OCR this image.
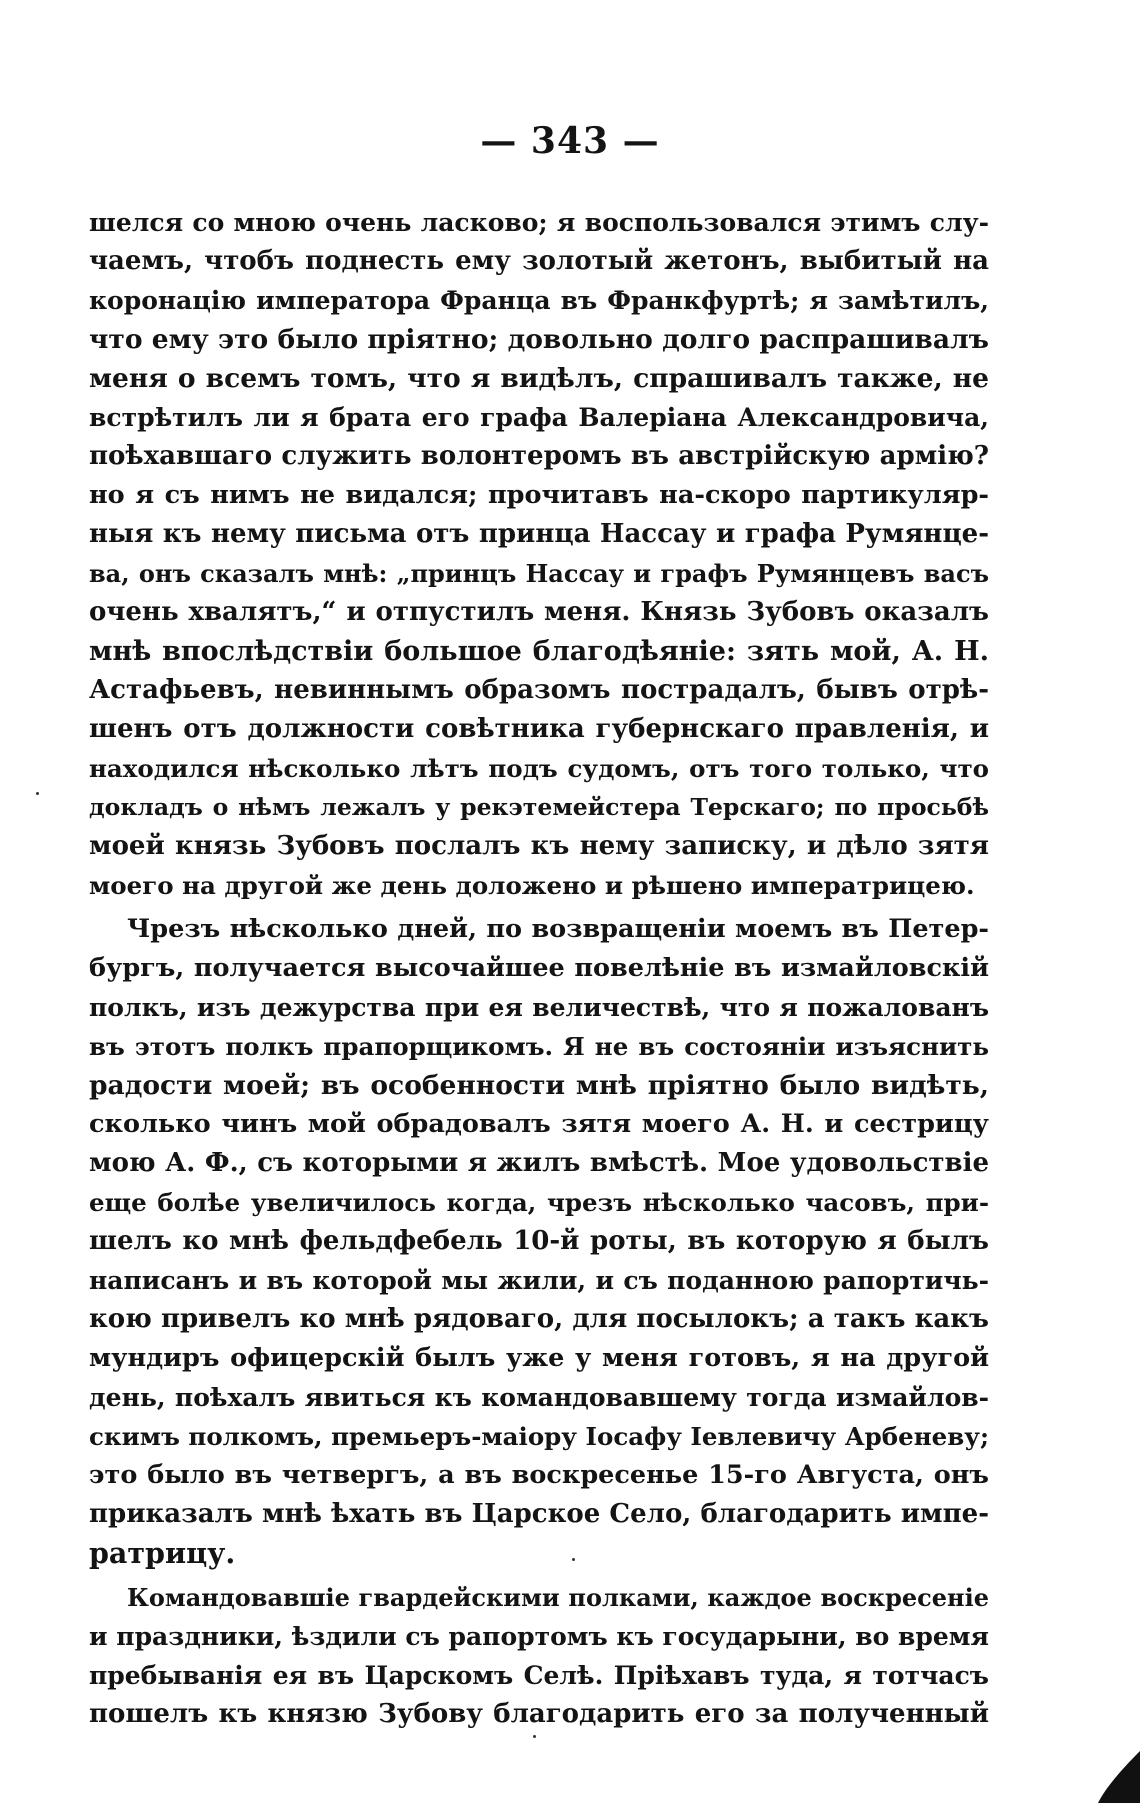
— 343 —
шелся со мною очень ласково; я воспользовался этимъ слу-
чаемъ, чтобъ поднесть ему золотый жетонъ, выбитый на
коронацію императора Франца въ Франкфуртѣ; я замѣтилъ,
что ему это было пріятно; довольно долго распрашивалъ
меня о всемъ томъ, что я видѣлъ, спрашивалъ также, не
встрѣтилъ ли я брата его графа Валеріана Александровича,
поѣхавшаго служить волонтеромъ въ австрійскую армію?
но я съ нимъ не видался; прочитавъ на-скоро партикуляр-
ныя къ нему письма отъ принца Нассау и графа Румянце-
ва, онъ сказалъ мнѣ: „принцъ Нассау и графъ Румянцевъ васъ
очень хвалятъ,“ и отпустилъ меня. Князь Зубовъ оказалъ
мнѣ впослѣдствіи большое благодѣяніе: зять мой, А. Н.
Астафьевъ, невиннымъ образомъ пострадалъ, бывъ отрѣ-
шенъ отъ должности совѣтника губернскаго правленія, и
находился нѣсколько лѣтъ подъ судомъ, отъ того только, что
докладъ о нѣмъ лежалъ у рекэтемейстера Терскаго; по просьбѣ
моей князь Зубовъ послалъ къ нему записку, и дѣло зятя
моего на другой же день доложено и рѣшено императрицею.
Чрезъ нѣсколько дней, по возвращеніи моемъ въ Петер-
бургъ, получается высочайшее повелѣніе въ измайловскій
полкъ, изъ дежурства при ея величествѣ, что я пожалованъ
въ этотъ полкъ прапорщикомъ. Я не въ состояніи изъяснить
радости моей; въ особенности мнѣ пріятно было видѣть,
сколько чинъ мой обрадовалъ зятя моего А. Н. и сестрицу
мою А. Ф., съ которыми я жилъ вмѣстѣ. Мое удовольствіе
еще болѣе увеличилось когда, чрезъ нѣсколько часовъ, при-
шелъ ко мнѣ фельдфебель 10-й роты, въ которую я былъ
написанъ и въ которой мы жили, и съ поданною рапортичь-
кою привелъ ко мнѣ рядоваго, для посылокъ; а такъ какъ
мундиръ офицерскій былъ уже у меня готовъ, я на другой
день, поѣхалъ явиться къ командовавшему тогда измайлов-
скимъ полкомъ, премьеръ-маіору Іосафу Іевлевичу Арбеневу;
это было въ четвергъ, а въ воскресенье 15-го Августа, онъ
приказалъ мнѣ ѣхать въ Царское Село, благодарить импе-
ратрицу.
Командовавшіе гвардейскими полками, каждое воскресеніе
и праздники, ѣздили съ рапортомъ къ государыни, во время
пребыванія ея въ Царскомъ Селѣ. Пріѣхавъ туда, я тотчасъ
пошелъ къ князю Зубову благодарить его за полученный
